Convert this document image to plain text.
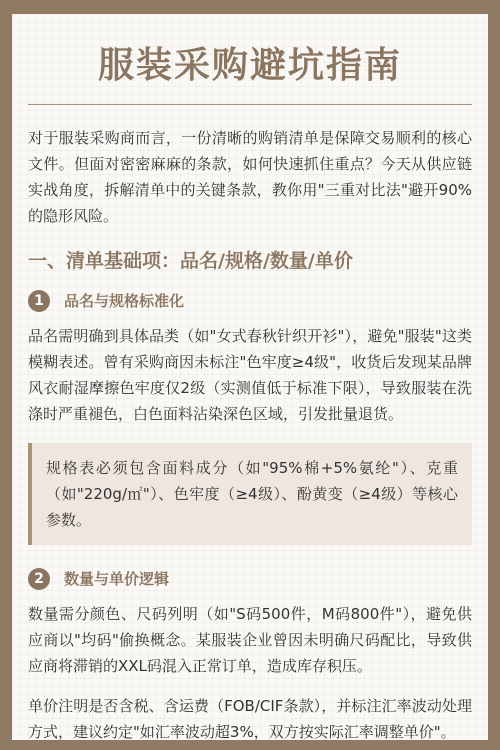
服装采购避坑指南

对于服装采购商而言，一份清晰的购销清单是保障交易顺利的核心文件。但面对密密麻麻的条款，如何快速抓住重点？今天从供应链实战角度，拆解清单中的关键条款，教你用"三重对比法"避开90%的隐形风险。

一、清单基础项：品名/规格/数量/单价
1	品名与规格标准化

品名需明确到具体品类（如"女式春秋针织开衫"），避免"服装"这类模糊表述。曾有采购商因未标注"色牢度≥4级"，收货后发现某品牌风衣耐湿摩擦色牢度仅2级（实测值低于标准下限），导致服装在洗涤时严重褪色，白色面料沾染深色区域，引发批量退货。

规格表必须包含面料成分（如"95%棉+5%氨纶"）、克重（如"220g/㎡"）、色牢度（≥4级）、酚黄变（≥4级）等核心参数。

2	数量与单价逻辑

数量需分颜色、尺码列明（如"S码500件，M码800件"），避免供应商以"均码"偷换概念。某服装企业曾因未明确尺码配比，导致供应商将滞销的XXL码混入正常订单，造成库存积压。

单价注明是否含税、含运费（FOB/CIF条款），并标注汇率波动处理方式，建议约定"如汇率波动超3%，双方按实际汇率调整单价"。
